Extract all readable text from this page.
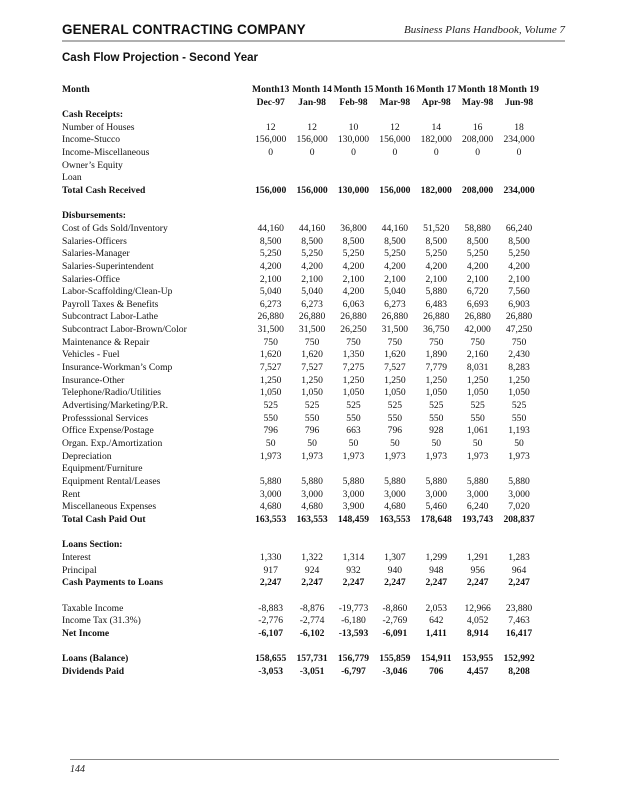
GENERAL CONTRACTING COMPANY	Business Plans Handbook, Volume 7
Cash Flow Projection - Second Year
Month	Month13	Month 14	Month 15	Month 16	Month 17	Month 18	Month 19
	Dec-97	Jan-98	Feb-98	Mar-98	Apr-98	May-98	Jun-98
Cash Receipts:							
Number of Houses	12	12	10	12	14	16	18
Income-Stucco	156,000	156,000	130,000	156,000	182,000	208,000	234,000
Income-Miscellaneous	0	0	0	0	0	0	0
Owner’s Equity							
Loan							
Total Cash Received	156,000	156,000	130,000	156,000	182,000	208,000	234,000

Disbursements:							
Cost of Gds Sold/Inventory	44,160	44,160	36,800	44,160	51,520	58,880	66,240
Salaries-Officers	8,500	8,500	8,500	8,500	8,500	8,500	8,500
Salaries-Manager	5,250	5,250	5,250	5,250	5,250	5,250	5,250
Salaries-Superintendent	4,200	4,200	4,200	4,200	4,200	4,200	4,200
Salaries-Office	2,100	2,100	2,100	2,100	2,100	2,100	2,100
Labor-Scaffolding/Clean-Up	5,040	5,040	4,200	5,040	5,880	6,720	7,560
Payroll Taxes & Benefits	6,273	6,273	6,063	6,273	6,483	6,693	6,903
Subcontract Labor-Lathe	26,880	26,880	26,880	26,880	26,880	26,880	26,880
Subcontract Labor-Brown/Color	31,500	31,500	26,250	31,500	36,750	42,000	47,250
Maintenance & Repair	750	750	750	750	750	750	750
Vehicles - Fuel	1,620	1,620	1,350	1,620	1,890	2,160	2,430
Insurance-Workman’s Comp	7,527	7,527	7,275	7,527	7,779	8,031	8,283
Insurance-Other	1,250	1,250	1,250	1,250	1,250	1,250	1,250
Telephone/Radio/Utilities	1,050	1,050	1,050	1,050	1,050	1,050	1,050
Advertising/Marketing/P.R.	525	525	525	525	525	525	525
Professsional Services	550	550	550	550	550	550	550
Office Expense/Postage	796	796	663	796	928	1,061	1,193
Organ. Exp./Amortization	50	50	50	50	50	50	50
Depreciation	1,973	1,973	1,973	1,973	1,973	1,973	1,973
Equipment/Furniture							
Equipment Rental/Leases	5,880	5,880	5,880	5,880	5,880	5,880	5,880
Rent	3,000	3,000	3,000	3,000	3,000	3,000	3,000
Miscellaneous Expenses	4,680	4,680	3,900	4,680	5,460	6,240	7,020
Total Cash Paid Out	163,553	163,553	148,459	163,553	178,648	193,743	208,837

Loans Section:							
Interest	1,330	1,322	1,314	1,307	1,299	1,291	1,283
Principal	917	924	932	940	948	956	964
Cash Payments to Loans	2,247	2,247	2,247	2,247	2,247	2,247	2,247

Taxable Income	-8,883	-8,876	-19,773	-8,860	2,053	12,966	23,880
Income Tax (31.3%)	-2,776	-2,774	-6,180	-2,769	642	4,052	7,463
Net Income	-6,107	-6,102	-13,593	-6,091	1,411	8,914	16,417

Loans (Balance)	158,655	157,731	156,779	155,859	154,911	153,955	152,992
Dividends Paid	-3,053	-3,051	-6,797	-3,046	706	4,457	8,208
144
